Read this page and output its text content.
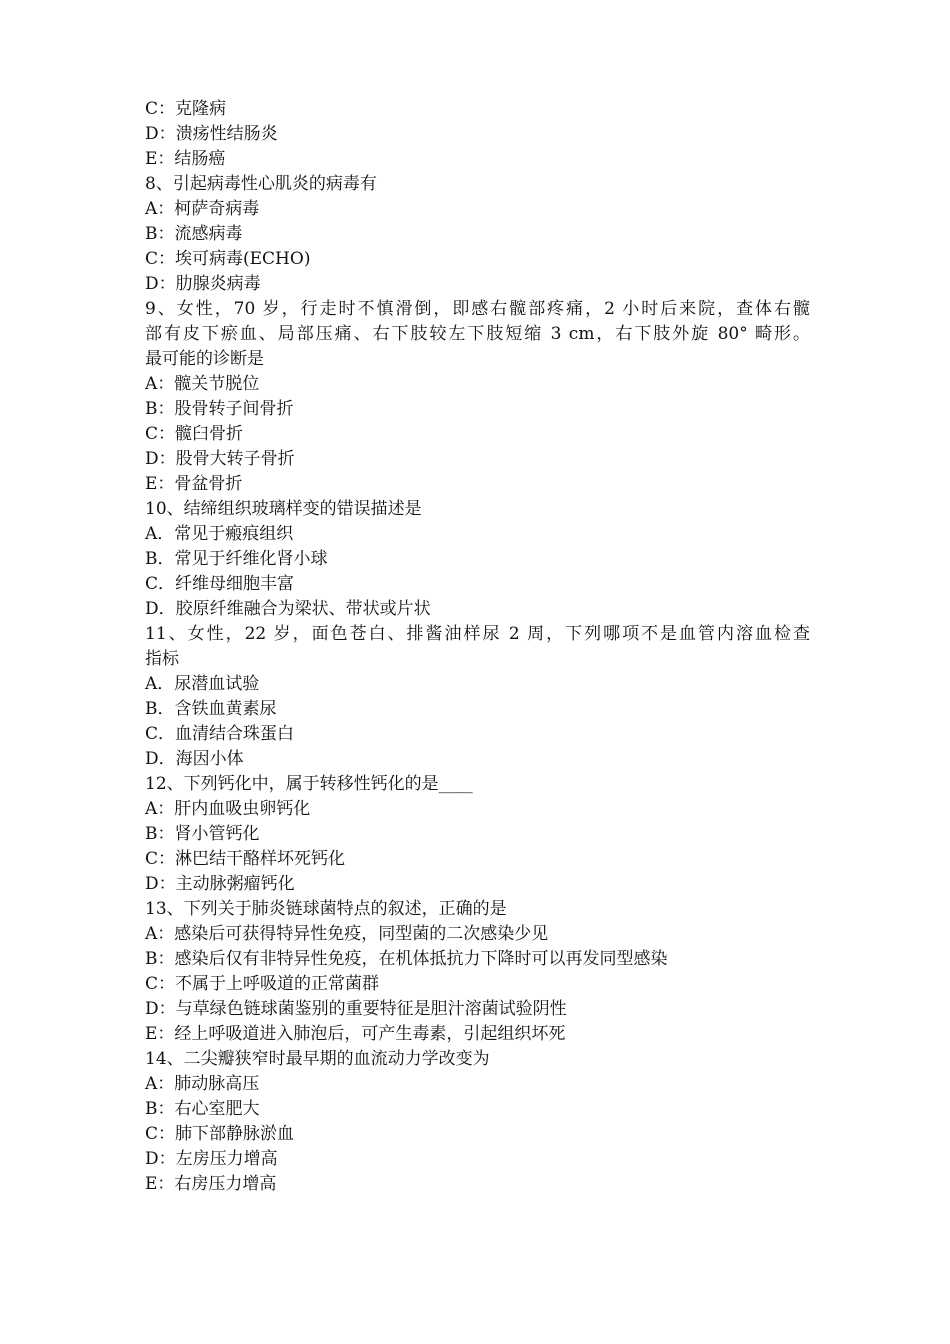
C：克隆病
D：溃疡性结肠炎
E：结肠癌
8、引起病毒性心肌炎的病毒有
A：柯萨奇病毒
B：流感病毒
C：埃可病毒(ECHO)
D：肋腺炎病毒
9、女性，70 岁，行走时不慎滑倒，即感右髋部疼痛，2 小时后来院，查体右髋
部有皮下瘀血、局部压痛、右下肢较左下肢短缩 3 cm，右下肢外旋 80° 畸形。
最可能的诊断是
A：髋关节脱位
B：股骨转子间骨折
C：髋臼骨折
D：股骨大转子骨折
E：骨盆骨折
10、结缔组织玻璃样变的错误描述是
A．常见于瘢痕组织
B．常见于纤维化肾小球
C．纤维母细胞丰富
D．胶原纤维融合为梁状、带状或片状
11、女性，22 岁，面色苍白、排酱油样尿 2 周，下列哪项不是血管内溶血检查
指标
A．尿潜血试验
B．含铁血黄素尿
C．血清结合珠蛋白
D．海因小体
12、下列钙化中，属于转移性钙化的是____
A：肝内血吸虫卵钙化
B：肾小管钙化
C：淋巴结干酪样坏死钙化
D：主动脉粥瘤钙化
13、下列关于肺炎链球菌特点的叙述，正确的是
A：感染后可获得特异性免疫，同型菌的二次感染少见
B：感染后仅有非特异性免疫，在机体抵抗力下降时可以再发同型感染
C：不属于上呼吸道的正常菌群
D：与草绿色链球菌鉴别的重要特征是胆汁溶菌试验阴性
E：经上呼吸道进入肺泡后，可产生毒素，引起组织坏死
14、二尖瓣狭窄时最早期的血流动力学改变为
A：肺动脉高压
B：右心室肥大
C：肺下部静脉淤血
D：左房压力增高
E：右房压力增高
